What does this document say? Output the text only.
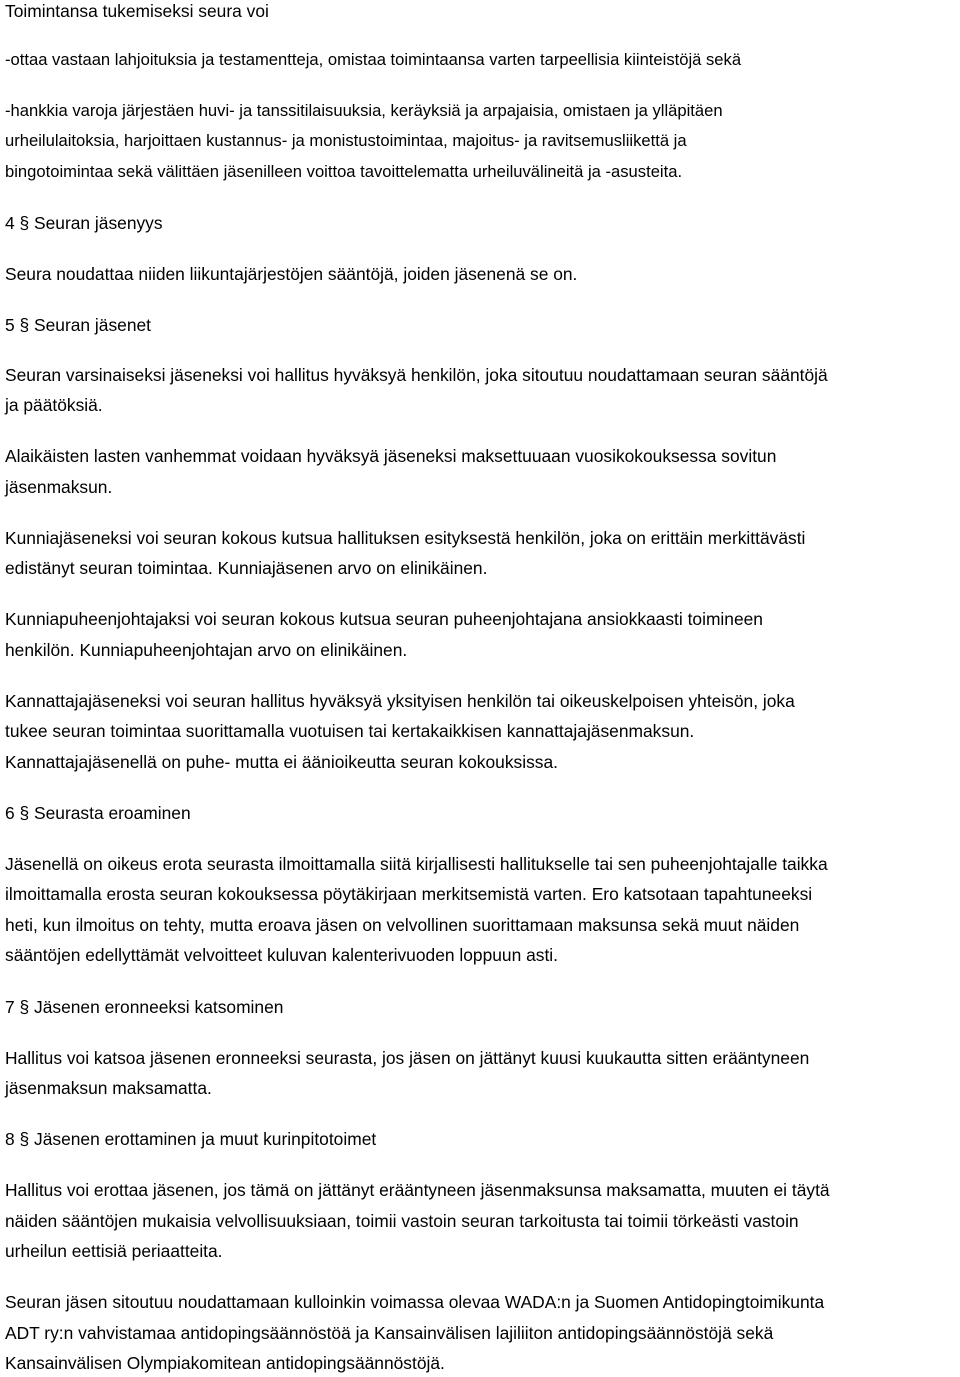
Toimintansa tukemiseksi seura voi
-ottaa vastaan lahjoituksia ja testamentteja, omistaa toimintaansa varten tarpeellisia kiinteistöjä sekä
-hankkia varoja järjestäen huvi- ja tanssitilaisuuksia, keräyksiä ja arpajaisia, omistaen ja ylläpitäen
urheilulaitoksia, harjoittaen kustannus- ja monistustoimintaa, majoitus- ja ravitsemusliikettä ja
bingotoimintaa sekä välittäen jäsenilleen voittoa tavoittelematta urheiluvälineitä ja -asusteita.
4 § Seuran jäsenyys
Seura noudattaa niiden liikuntajärjestöjen sääntöjä, joiden jäsenenä se on.
5 § Seuran jäsenet
Seuran varsinaiseksi jäseneksi voi hallitus hyväksyä henkilön, joka sitoutuu noudattamaan seuran sääntöjä
ja päätöksiä.
Alaikäisten lasten vanhemmat voidaan hyväksyä jäseneksi maksettuuaan vuosikokouksessa sovitun
jäsenmaksun.
Kunniajäseneksi voi seuran kokous kutsua hallituksen esityksestä henkilön, joka on erittäin merkittävästi
edistänyt seuran toimintaa. Kunniajäsenen arvo on elinikäinen.
Kunniapuheenjohtajaksi voi seuran kokous kutsua seuran puheenjohtajana ansiokkaasti toimineen
henkilön. Kunniapuheenjohtajan arvo on elinikäinen.
Kannattajajäseneksi voi seuran hallitus hyväksyä yksityisen henkilön tai oikeuskelpoisen yhteisön, joka
tukee seuran toimintaa suorittamalla vuotuisen tai kertakaikkisen kannattajajäsenmaksun.
Kannattajajäsenellä on puhe- mutta ei äänioikeutta seuran kokouksissa.
6 § Seurasta eroaminen
Jäsenellä on oikeus erota seurasta ilmoittamalla siitä kirjallisesti hallitukselle tai sen puheenjohtajalle taikka
ilmoittamalla erosta seuran kokouksessa pöytäkirjaan merkitsemistä varten. Ero katsotaan tapahtuneeksi
heti, kun ilmoitus on tehty, mutta eroava jäsen on velvollinen suorittamaan maksunsa sekä muut näiden
sääntöjen edellyttämät velvoitteet kuluvan kalenterivuoden loppuun asti.
7 § Jäsenen eronneeksi katsominen
Hallitus voi katsoa jäsenen eronneeksi seurasta, jos jäsen on jättänyt kuusi kuukautta sitten erääntyneen
jäsenmaksun maksamatta.
8 § Jäsenen erottaminen ja muut kurinpitotoimet
Hallitus voi erottaa jäsenen, jos tämä on jättänyt erääntyneen jäsenmaksunsa maksamatta, muuten ei täytä
näiden sääntöjen mukaisia velvollisuuksiaan, toimii vastoin seuran tarkoitusta tai toimii törkeästi vastoin
urheilun eettisiä periaatteita.
Seuran jäsen sitoutuu noudattamaan kulloinkin voimassa olevaa WADA:n ja Suomen Antidopingtoimikunta
ADT ry:n vahvistamaa antidopingsäännöstöä ja Kansainvälisen lajiliiton antidopingsäännöstöjä sekä
Kansainvälisen Olympiakomitean antidopingsäännöstöjä.
